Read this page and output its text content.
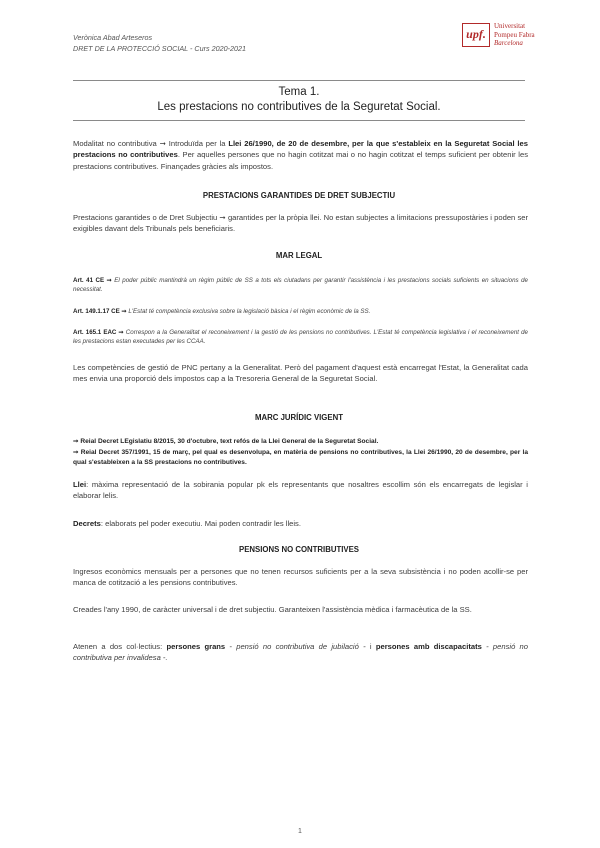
Verònica Abad Arteseros
DRET DE LA PROTECCIÓ SOCIAL - Curs 2020-2021
upf.
Universitat
Pompeu Fabra
Barcelona
Tema 1.
Les prestacions no contributives de la Seguretat Social.
Modalitat no contributiva ➞ Introduïda per la Llei 26/1990, de 20 de desembre, per la que s'estableix en la Seguretat Social les prestacions no contributives. Per aquelles persones que no hagin cotitzat mai o no hagin cotitzat el temps suficient per obtenir les prestacions contributives. Finançades gràcies als impostos.
PRESTACIONS GARANTIDES DE DRET SUBJECTIU
Prestacions garantides o de Dret Subjectiu ➞ garantides per la pròpia llei. No estan subjectes a limitacions pressupostàries i poden ser exigibles davant dels Tribunals pels beneficiaris.
MAR LEGAL
Art. 41 CE ➞ El poder públic mantindrà un règim públic de SS a tots els ciutadans per garantir l'assistència i les prestacions socials suficients en situacions de necessitat.
Art. 149.1.17 CE ➞ L'Estat té competència exclusiva sobre la legislació bàsica i el règim econòmic de la SS.
Art. 165.1 EAC ➞ Correspon a la Generalitat el reconeixement i la gestió de les pensions no contributives. L'Estat té competència legislativa i el reconeixement de les prestacions estan executades per les CCAA.
Les competències de gestió de PNC pertany a la Generalitat. Però del pagament d'aquest està encarregat l'Estat, la Generalitat cada mes envia una proporció dels impostos cap a la Tresoreria General de la Seguretat Social.
MARC JURÍDIC VIGENT
➞ Reial Decret LEgislatiu 8/2015, 30 d'octubre, text refós de la Llei General de la Seguretat Social.
➞ Reial Decret 357/1991, 15 de març, pel qual es desenvolupa, en matèria de pensions no contributives, la Llei 26/1990, 20 de desembre, per la qual s'estableixen a la SS prestacions no contributives.
Llei: màxima representació de la sobirania popular pk els representants que nosaltres escollim són els encarregats de legislar i elaborar lelis.
Decrets: elaborats pel poder executiu. Mai poden contradir les lleis.
PENSIONS NO CONTRIBUTIVES
Ingresos econòmics mensuals per a persones que no tenen recursos suficients per a la seva subsistència i no poden acollir-se per manca de cotització a les pensions contributives.
Creades l'any 1990, de caràcter universal i de dret subjectiu. Garanteixen l'assistència mèdica i farmacèutica de la SS.
Atenen a dos col·lectius: persones grans - pensió no contributiva de jubilació - i persones amb discapacitats - pensió no contributiva per invalidesa -.
1
